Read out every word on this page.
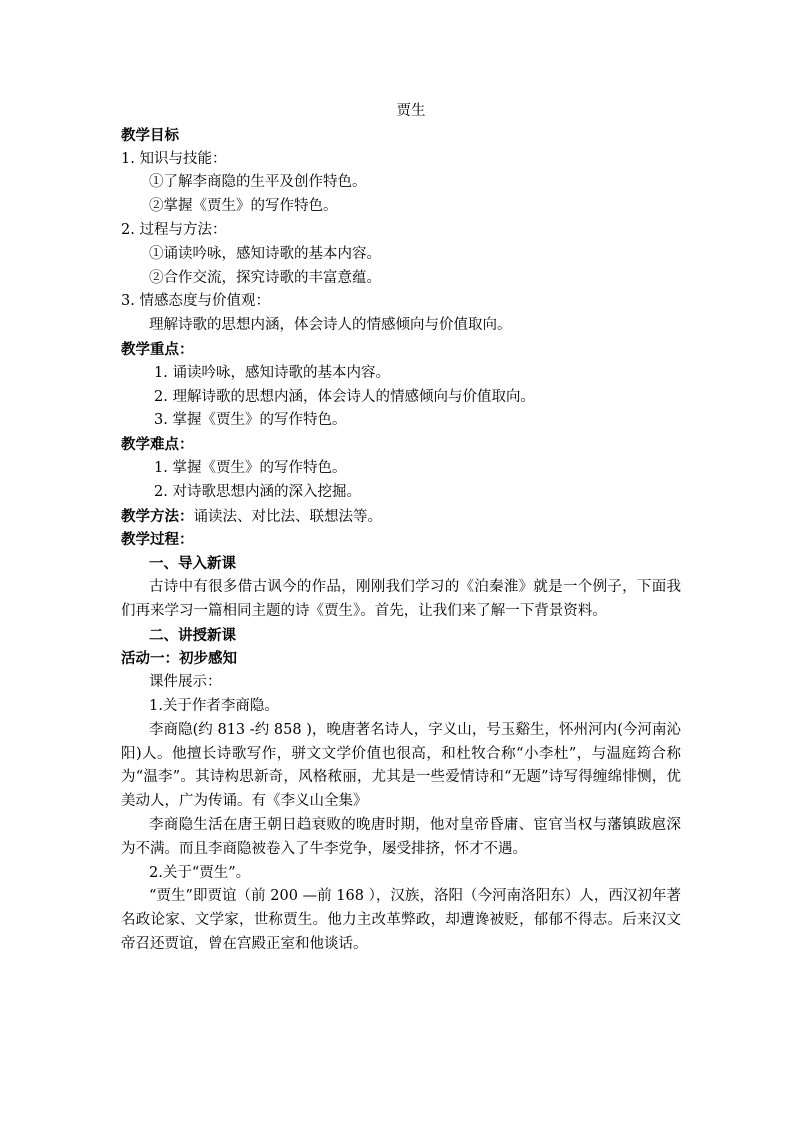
贾生
教学目标
1. 知识与技能：
①了解李商隐的生平及创作特色。
②掌握《贾生》的写作特色。
2. 过程与方法：
①诵读吟咏，感知诗歌的基本内容。
②合作交流，探究诗歌的丰富意蕴。
3. 情感态度与价值观：
理解诗歌的思想内涵，体会诗人的情感倾向与价值取向。
教学重点：
1. 诵读吟咏，感知诗歌的基本内容。
2. 理解诗歌的思想内涵，体会诗人的情感倾向与价值取向。
3. 掌握《贾生》的写作特色。
教学难点：
1. 掌握《贾生》的写作特色。
2. 对诗歌思想内涵的深入挖掘。
教学方法：诵读法、对比法、联想法等。
教学过程：
一、导入新课
古诗中有很多借古讽今的作品，刚刚我们学习的《泊秦淮》就是一个例子，下面我们再来学习一篇相同主题的诗《贾生》。首先，让我们来了解一下背景资料。
二、讲授新课
活动一：初步感知
课件展示：
1.关于作者李商隐。
李商隐(约 813 -约 858 )，晚唐著名诗人，字义山，号玉谿生，怀州河内(今河南沁阳)人。他擅长诗歌写作，骈文文学价值也很高，和杜牧合称“小李杜”，与温庭筠合称为“温李”。其诗构思新奇，风格秾丽，尤其是一些爱情诗和“无题”诗写得缠绵悱恻，优美动人，广为传诵。有《李义山全集》
李商隐生活在唐王朝日趋衰败的晚唐时期，他对皇帝昏庸、宦官当权与藩镇跋扈深为不满。而且李商隐被卷入了牛李党争，屡受排挤，怀才不遇。
2.关于“贾生”。
“贾生”即贾谊（前 200 —前 168 ），汉族，洛阳（今河南洛阳东）人，西汉初年著名政论家、文学家，世称贾生。他力主改革弊政，却遭谗被贬，郁郁不得志。后来汉文帝召还贾谊，曾在宫殿正室和他谈话。
